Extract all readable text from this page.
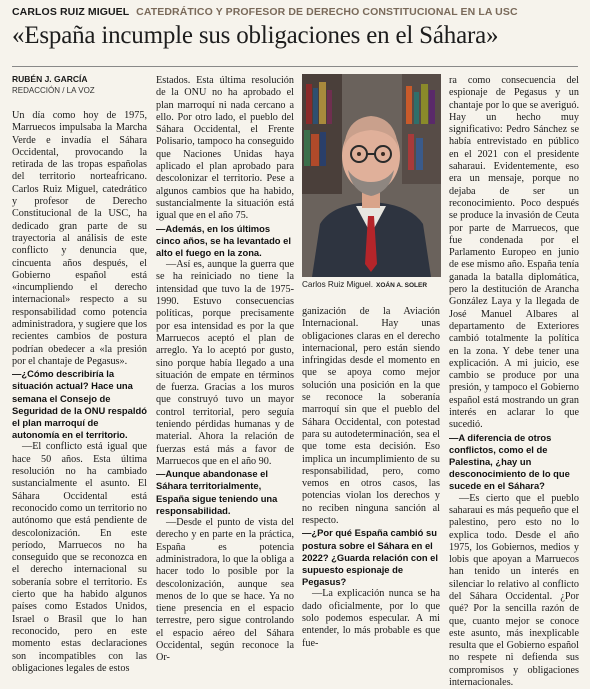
CARLOS RUIZ MIGUEL CATEDRÁTICO Y PROFESOR DE DERECHO CONSTITUCIONAL EN LA USC
«España incumple sus obligaciones en el Sáhara»
RUBÉN J. GARCÍA
REDACCIÓN / LA VOZ

Un día como hoy de 1975, Marruecos impulsaba la Marcha Verde e invadía el Sáhara Occidental, provocando la retirada de las tropas españolas del territorio norteafricano. Carlos Ruiz Miguel, catedrático y profesor de Derecho Constitucional de la USC, ha dedicado gran parte de su trayectoria al análisis de este conflicto y denuncia que, cincuenta años después, el Gobierno español está «incumpliendo el derecho internacional» respecto a su responsabilidad como potencia administradora, y sugiere que los recientes cambios de postura podrían obedecer a «la presión por el chantaje de Pegasus».

—¿Cómo describiría la situación actual? Hace una semana el Consejo de Seguridad de la ONU respaldó el plan marroquí de autonomía en el territorio.

—El conflicto está igual que hace 50 años. Esta última resolución no ha cambiado sustancialmente el asunto. El Sáhara Occidental está reconocido como un territorio no autónomo que está pendiente de descolonización. En este período, Marruecos no ha conseguido que se reconozca en el derecho internacional su soberanía sobre el territorio. Es cierto que ha habido algunos países como Estados Unidos, Israel o Brasil que lo han reconocido, pero en este momento estas declaraciones son incompatibles con las obligaciones legales de estos

Estados. Esta última resolución de la ONU no ha aprobado el plan marroquí ni nada cercano a ello. Por otro lado, el pueblo del Sáhara Occidental, el Frente Polisario, tampoco ha conseguido que Naciones Unidas haya aplicado el plan aprobado para descolonizar el territorio. Pese a algunos cambios que ha habido, sustancialmente la situación está igual que en el año 75.

—Además, en los últimos cinco años, se ha levantado el alto el fuego en la zona.

—Así es, aunque la guerra que se ha reiniciado no tiene la intensidad que tuvo la de 1975-1990. Estuvo consecuencias políticas, porque precisamente por esa intensidad es por la que Marruecos aceptó el plan de arreglo. Ya lo aceptó por gusto, sino porque había llegado a una situación de empate en términos de fuerza. Gracias a los muros que construyó tuvo un mayor control territorial, pero seguía teniendo pérdidas humanas y de material. Ahora la relación de fuerzas está más a favor de Marruecos que en el año 90.

—Aunque abandonase el Sáhara territorialmente, España sigue teniendo una responsabilidad.

—Desde el punto de vista del derecho y en parte en la práctica, España es potencia administradora, lo que la obliga a hacer todo lo posible por la descolonización, aunque sea menos de lo que se hace. Ya no tiene presencia en el espacio terrestre, pero sigue controlando el espacio aéreo del Sáhara Occidental, según reconoce la Or-

Carlos Ruiz Miguel. XOÁN A. SOLER

ganización de la Aviación Internacional. Hay unas obligaciones claras en el derecho internacional, pero están siendo infringidas desde el momento en que se apoya como mejor solución una posición en la que se reconoce la soberanía marroquí sin que el pueblo del Sáhara Occidental, con potestad para su autodeterminación, sea el que tome esta decisión. Eso implica un incumplimiento de su responsabilidad, pero, como vemos en otros casos, las potencias violan los derechos y no reciben ninguna sanción al respecto.

—¿Por qué España cambió su postura sobre el Sáhara en el 2022? ¿Guarda relación con el supuesto espionaje de Pegasus?

—La explicación nunca se ha dado oficialmente, por lo que solo podemos especular. A mi entender, lo más probable es que fue-

ra como consecuencia del espionaje de Pegasus y un chantaje por lo que se averiguó. Hay un hecho muy significativo: Pedro Sánchez se había entrevistado en público en el 2021 con el presidente saharaui. Evidentemente, eso era un mensaje, porque no dejaba de ser un reconocimiento. Poco después se produce la invasión de Ceuta por parte de Marruecos, que fue condenada por el Parlamento Europeo en junio de ese mismo año. España tenía ganada la batalla diplomática, pero la destitución de Arancha González Laya y la llegada de José Manuel Albares al departamento de Exteriores cambió totalmente la política en la zona. Y debe tener una explicación. A mi juicio, ese cambio se produce por una presión, y tampoco el Gobierno español está mostrando un gran interés en aclarar lo que sucedió.

—A diferencia de otros conflictos, como el de Palestina, ¿hay un desconocimiento de lo que sucede en el Sáhara?

—Es cierto que el pueblo saharaui es más pequeño que el palestino, pero esto no lo explica todo. Desde el año 1975, los Gobiernos, medios y lobis que apoyan a Marruecos han tenido un interés en silenciar lo relativo al conflicto del Sáhara Occidental. ¿Por qué? Por la sencilla razón de que, cuanto mejor se conoce este asunto, más inexplicable resulta que el Gobierno español no respete ni defienda sus compromisos y obligaciones internacionales.
